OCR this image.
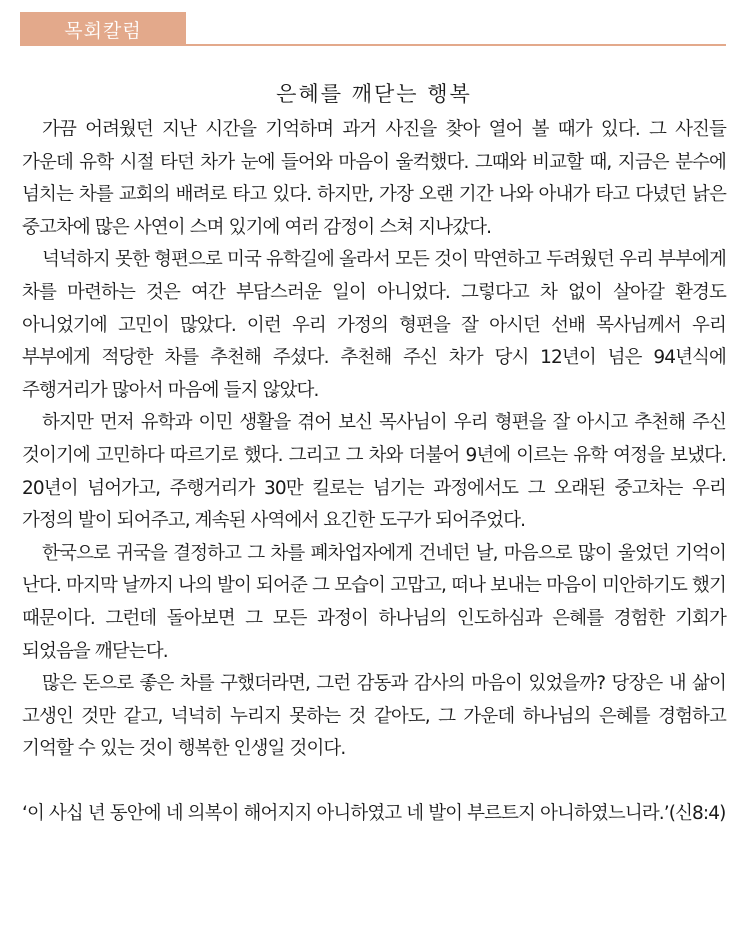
목회칼럼
은혜를 깨닫는 행복

가끔 어려웠던 지난 시간을 기억하며 과거 사진을 찾아 열어 볼 때가 있다. 그 사진들 가운데 유학 시절 타던 차가 눈에 들어와 마음이 울컥했다. 그때와 비교할 때, 지금은 분수에 넘치는 차를 교회의 배려로 타고 있다. 하지만, 가장 오랜 기간 나와 아내가 타고 다녔던 낡은 중고차에 많은 사연이 스며 있기에 여러 감정이 스쳐 지나갔다.

넉넉하지 못한 형편으로 미국 유학길에 올라서 모든 것이 막연하고 두려웠던 우리 부부에게 차를 마련하는 것은 여간 부담스러운 일이 아니었다. 그렇다고 차 없이 살아갈 환경도 아니었기에 고민이 많았다. 이런 우리 가정의 형편을 잘 아시던 선배 목사님께서 우리 부부에게 적당한 차를 추천해 주셨다. 추천해 주신 차가 당시 12년이 넘은 94년식에 주행거리가 많아서 마음에 들지 않았다.

하지만 먼저 유학과 이민 생활을 겪어 보신 목사님이 우리 형편을 잘 아시고 추천해 주신 것이기에 고민하다 따르기로 했다. 그리고 그 차와 더불어 9년에 이르는 유학 여정을 보냈다. 20년이 넘어가고, 주행거리가 30만 킬로는 넘기는 과정에서도 그 오래된 중고차는 우리 가정의 발이 되어주고, 계속된 사역에서 요긴한 도구가 되어주었다.

한국으로 귀국을 결정하고 그 차를 폐차업자에게 건네던 날, 마음으로 많이 울었던 기억이 난다. 마지막 날까지 나의 발이 되어준 그 모습이 고맙고, 떠나 보내는 마음이 미안하기도 했기 때문이다. 그런데 돌아보면 그 모든 과정이 하나님의 인도하심과 은혜를 경험한 기회가 되었음을 깨닫는다.

많은 돈으로 좋은 차를 구했더라면, 그런 감동과 감사의 마음이 있었을까? 당장은 내 삶이 고생인 것만 같고, 넉넉히 누리지 못하는 것 같아도, 그 가운데 하나님의 은혜를 경험하고 기억할 수 있는 것이 행복한 인생일 것이다.

‘이 사십 년 동안에 네 의복이 해어지지 아니하였고 네 발이 부르트지 아니하였느니라.’(신8:4)
